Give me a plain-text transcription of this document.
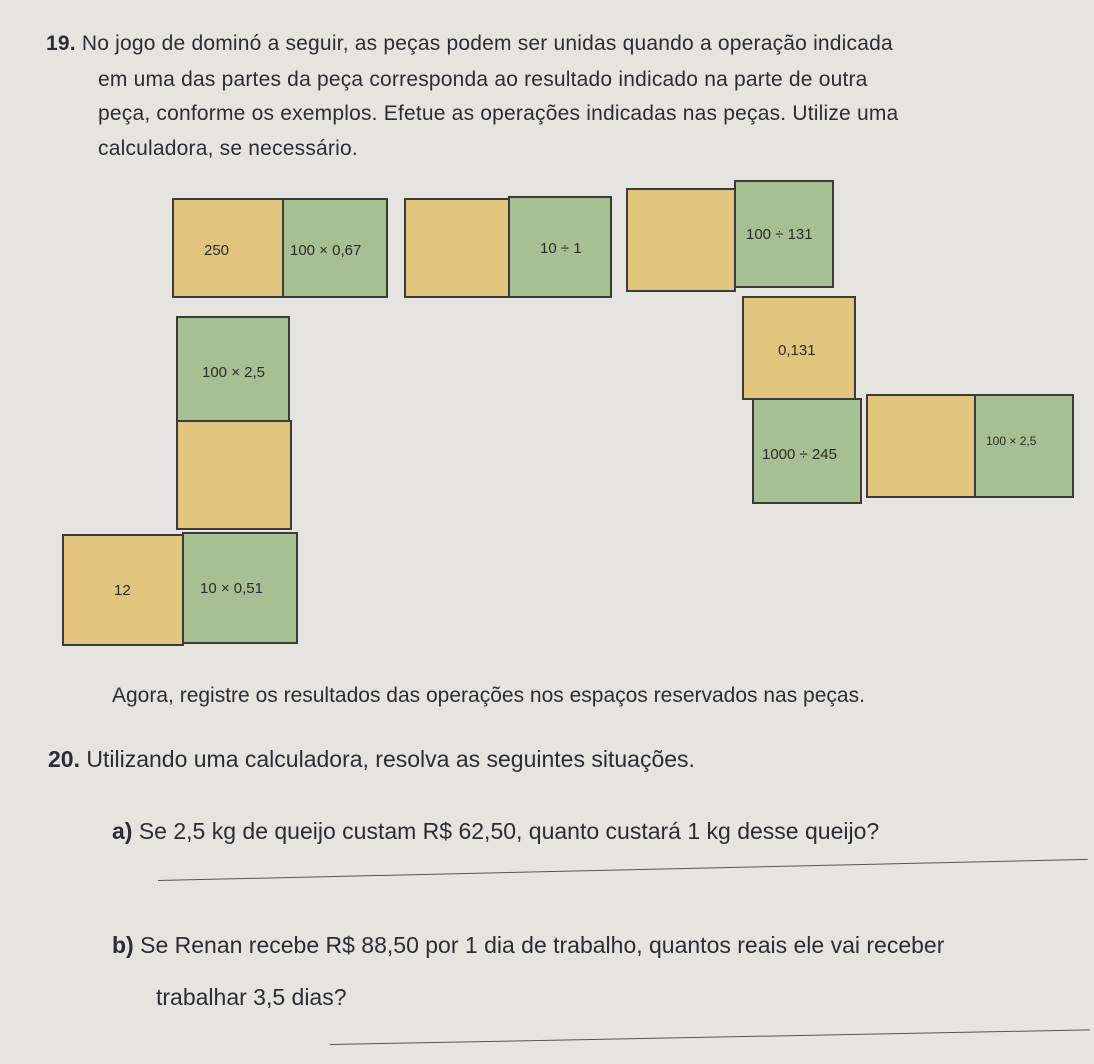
19. No jogo de dominó a seguir, as peças podem ser unidas quando a operação indicada
em uma das partes da peça corresponda ao resultado indicado na parte de outra
peça, conforme os exemplos. Efetue as operações indicadas nas peças. Utilize uma
calculadora, se necessário.
250	100 × 0,67	10 ÷ 1
100 ÷ 131
0,131
1000 ÷ 245
100 × 2,5
100 × 2,5
12	10 × 0,51
Agora, registre os resultados das operações nos espaços reservados nas peças.
20. Utilizando uma calculadora, resolva as seguintes situações.
a) Se 2,5 kg de queijo custam R$ 62,50, quanto custará 1 kg desse queijo?
b) Se Renan recebe R$ 88,50 por 1 dia de trabalho, quantos reais ele vai receber
trabalhar 3,5 dias?
